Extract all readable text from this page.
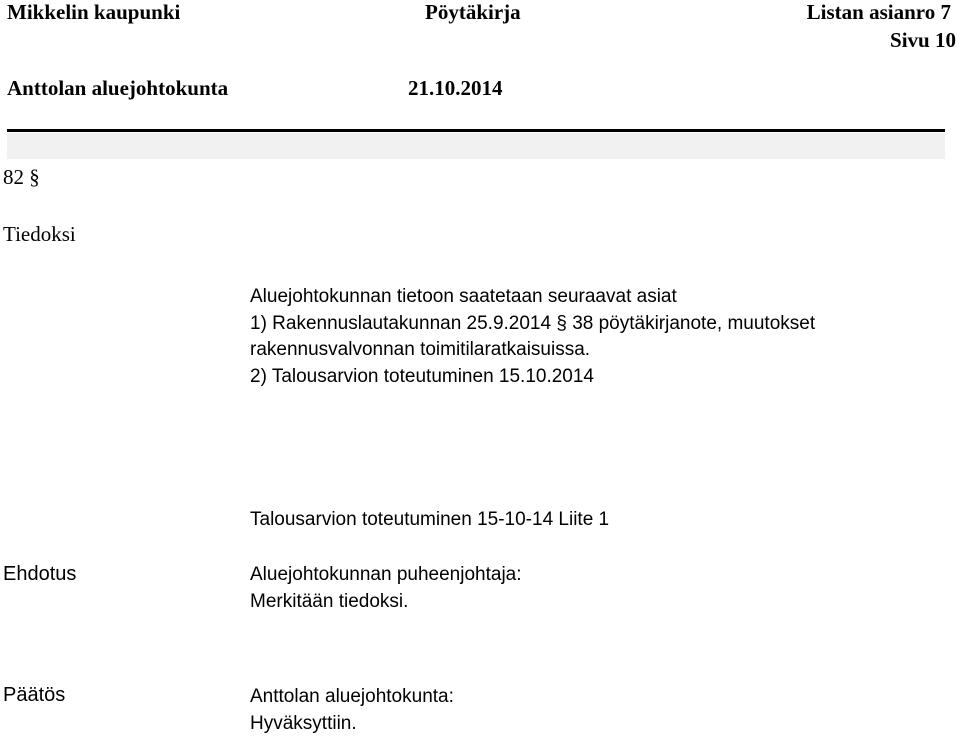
Mikkelin kaupunki	Pöytäkirja	Listan asianro 7
Sivu 10
Anttolan aluejohtokunta	21.10.2014
82 §
Tiedoksi
Aluejohtokunnan tietoon saatetaan seuraavat asiat
1) Rakennuslautakunnan 25.9.2014 § 38 pöytäkirjanote, muutokset
rakennusvalvonnan toimitilaratkaisuissa.
2) Talousarvion toteutuminen 15.10.2014
Talousarvion toteutuminen 15-10-14 Liite 1
Ehdotus	Aluejohtokunnan puheenjohtaja:
Merkitään tiedoksi.
Päätös	Anttolan aluejohtokunta:
Hyväksyttiin.
